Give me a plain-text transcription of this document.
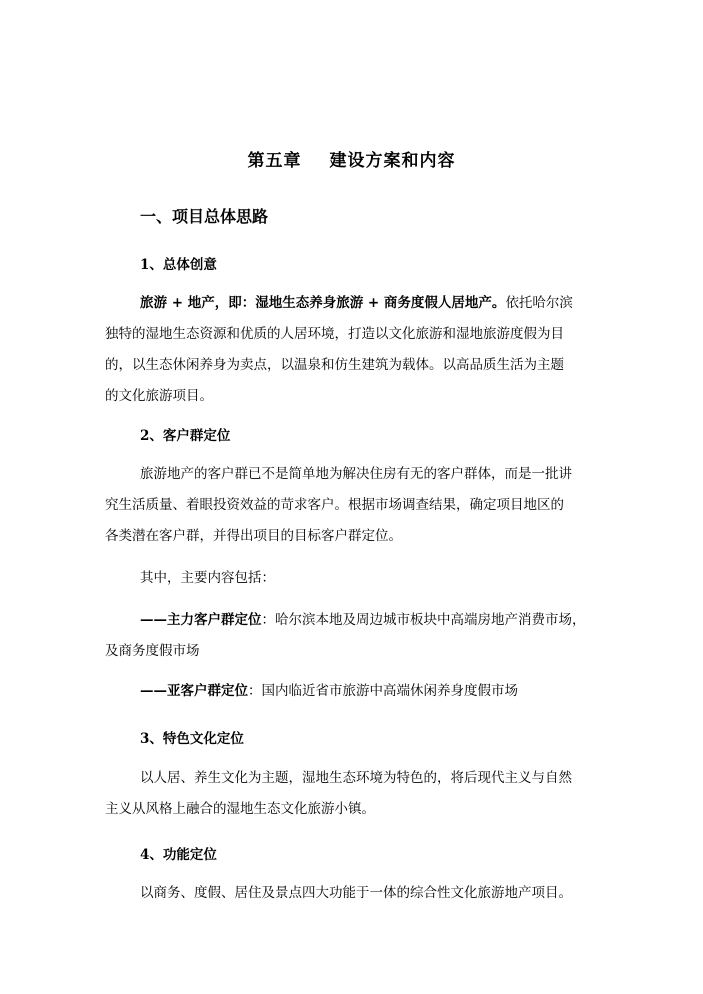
第五章 建设方案和内容
一、项目总体思路
1、总体创意
旅游 + 地产，即：湿地生态养身旅游 + 商务度假人居地产。依托哈尔滨
独特的湿地生态资源和优质的人居环境，打造以文化旅游和湿地旅游度假为目
的，以生态休闲养身为卖点，以温泉和仿生建筑为载体。以高品质生活为主题
的文化旅游项目。
2、客户群定位
旅游地产的客户群已不是简单地为解决住房有无的客户群体，而是一批讲
究生活质量、着眼投资效益的苛求客户。根据市场调查结果，确定项目地区的
各类潜在客户群，并得出项目的目标客户群定位。
其中，主要内容包括：
——主力客户群定位：哈尔滨本地及周边城市板块中高端房地产消费市场，
及商务度假市场
——亚客户群定位：国内临近省市旅游中高端休闲养身度假市场
3、特色文化定位
以人居、养生文化为主题，湿地生态环境为特色的，将后现代主义与自然
主义从风格上融合的湿地生态文化旅游小镇。
4、功能定位
以商务、度假、居住及景点四大功能于一体的综合性文化旅游地产项目。
